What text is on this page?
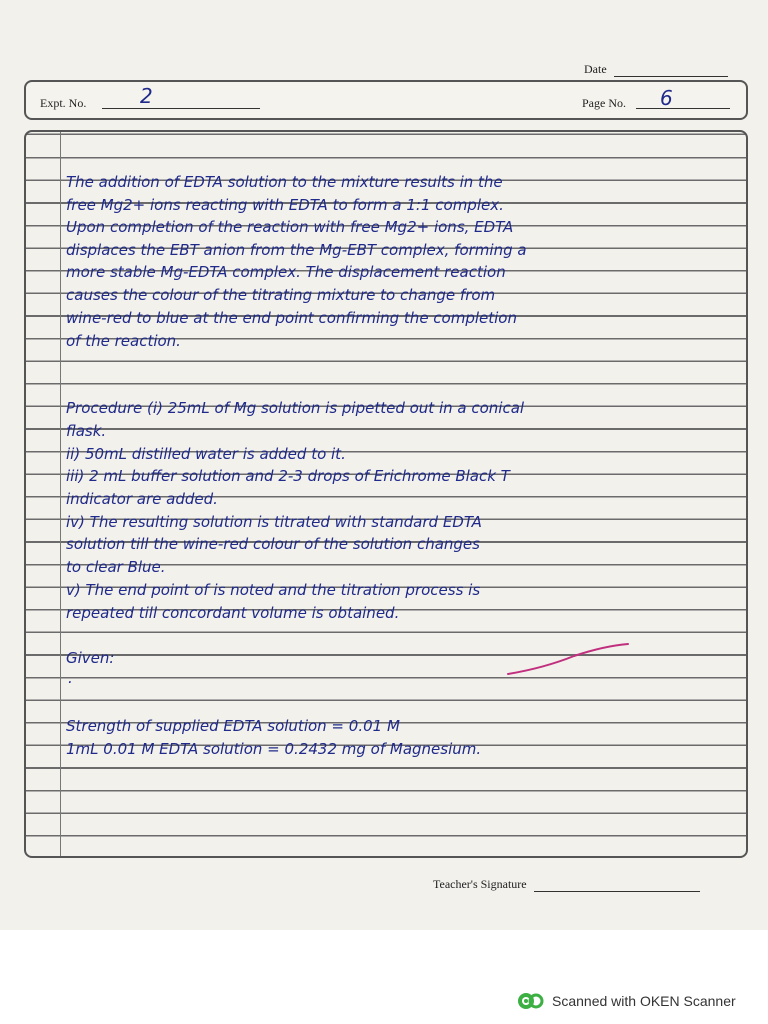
Date
Expt. No.	2	Page No. 6
The addition of EDTA solution to the mixture results in the
free Mg2+ ions reacting with EDTA to form a 1:1 complex.
Upon completion of the reaction with free Mg2+ ions, EDTA
displaces the EBT anion from the Mg-EBT complex, forming a
more stable Mg-EDTA complex. The displacement reaction
causes the colour of the titrating mixture to change from
wine-red to blue at the end point confirming the completion
of the reaction.
Procedure (i) 25mL of Mg solution is pipetted out in a conical
flask.
ii) 50mL distilled water is added to it.
iii) 2 mL buffer solution and 2-3 drops of Erichrome Black T
indicator are added.
iv) The resulting solution is titrated with standard EDTA
solution till the wine-red colour of the solution changes
to clear Blue.
v) The end point of is noted and the titration process is
repeated till concordant volume is obtained.
Given:
.
Strength of supplied EDTA solution = 0.01 M
1mL 0.01 M EDTA solution = 0.2432 mg of Magnesium.
Teacher's Signature
Scanned with OKEN Scanner
